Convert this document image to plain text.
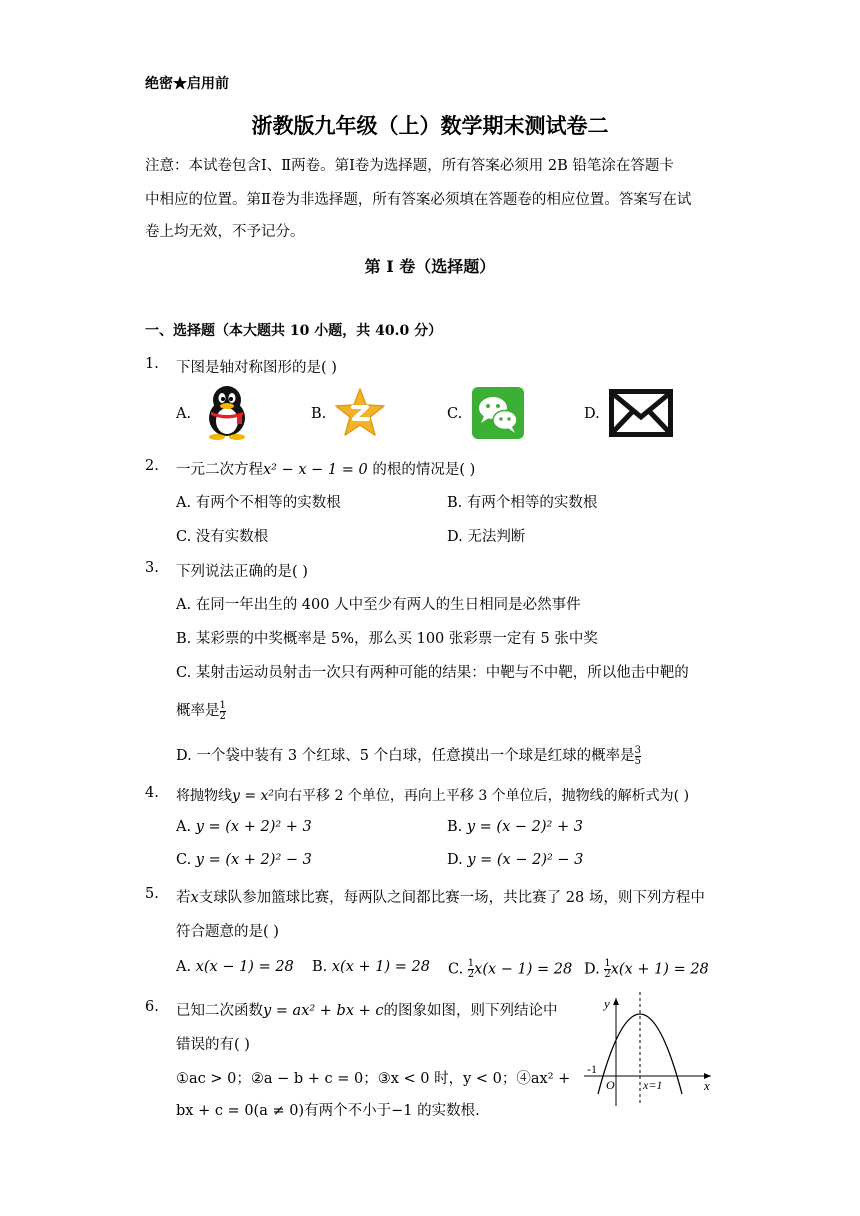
绝密★启用前
浙教版九年级（上）数学期末测试卷二
注意：本试卷包含Ⅰ、Ⅱ两卷。第Ⅰ卷为选择题，所有答案必须用 2B 铅笔涂在答题卡
中相应的位置。第Ⅱ卷为非选择题，所有答案必须填在答题卷的相应位置。答案写在试
卷上均无效，不予记分。
第 I 卷（选择题）
一、选择题（本大题共 10 小题，共 40.0 分）
1. 下图是轴对称图形的是( )
A.	B.	C.	D.
2. 一元二次方程x² − x − 1 = 0 的根的情况是( )
A. 有两个不相等的实数根	B. 有两个相等的实数根
C. 没有实数根	D. 无法判断
3. 下列说法正确的是( )
A. 在同一年出生的 400 人中至少有两人的生日相同是必然事件
B. 某彩票的中奖概率是 5%，那么买 100 张彩票一定有 5 张中奖
C. 某射击运动员射击一次只有两种可能的结果：中靶与不中靶，所以他击中靶的
概率是 $\frac{1}{2}$
D. 一个袋中装有 3 个红球、5 个白球，任意摸出一个球是红球的概率是 $\frac{3}{5}$
4. 将抛物线y = x²向右平移 2 个单位，再向上平移 3 个单位后，抛物线的解析式为( )
A. y = (x + 2)² + 3	B. y = (x − 2)² + 3
C. y = (x + 2)² − 3	D. y = (x − 2)² − 3
5. 若x支球队参加篮球比赛，每两队之间都比赛一场，共比赛了 28 场，则下列方程中
符合题意的是( )
A. x(x − 1) = 28 B. x(x + 1) = 28 C. $\frac{1}{2} x(x - 1) = 28$ D. $\frac{1}{2} x(x + 1) = 28$
6. 已知二次函数y = ax² + bx + c的图象如图，则下列结论中
错误的有( )
①ac > 0；②a − b + c = 0；③x < 0 时，y < 0；④ax² +
bx + c = 0(a ≠ 0)有两个不小于−1 的实数根.
y
x
O
-1
x=1
